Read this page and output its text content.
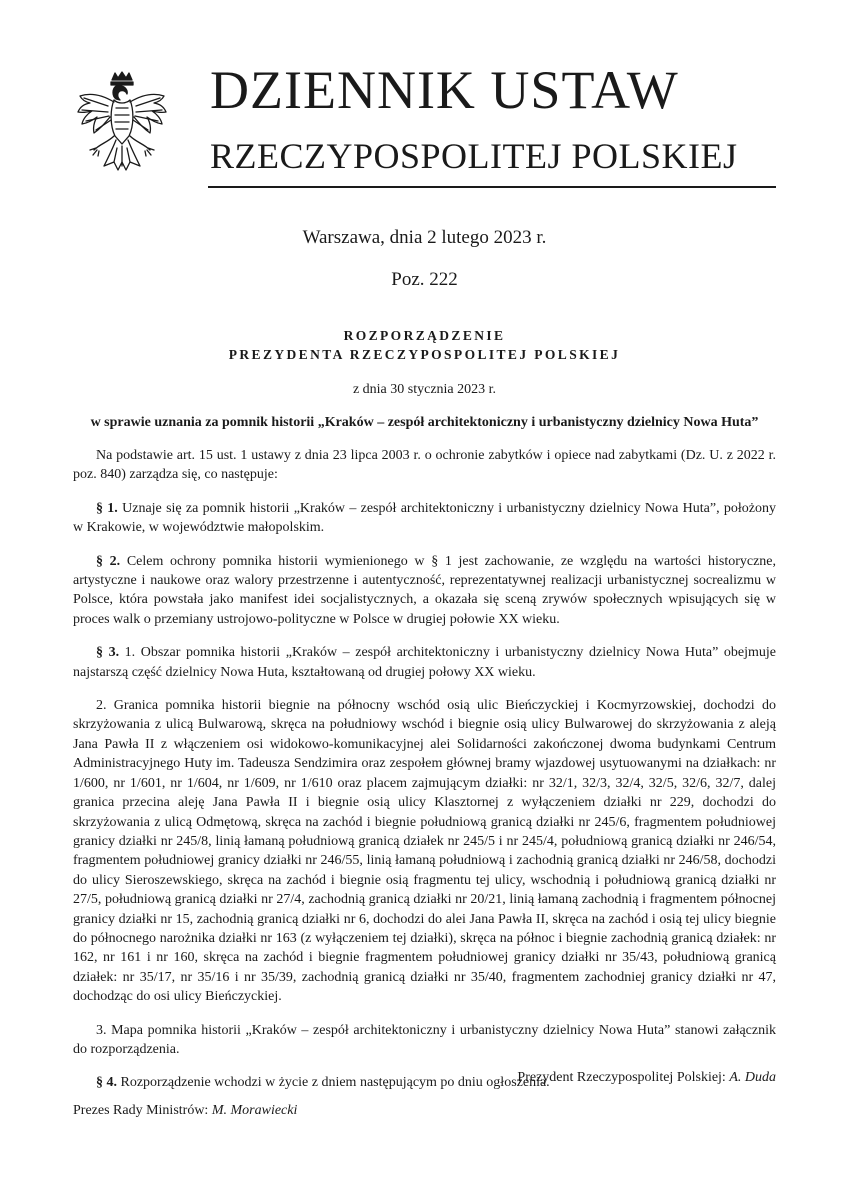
DZIENNIK USTAW
RZECZYPOSPOLITEJ POLSKIEJ
Warszawa, dnia 2 lutego 2023 r.
Poz. 222
ROZPORZĄDZENIE
PREZYDENTA RZECZYPOSPOLITEJ POLSKIEJ
z dnia 30 stycznia 2023 r.
w sprawie uznania za pomnik historii „Kraków – zespół architektoniczny i urbanistyczny dzielnicy Nowa Huta”

Na podstawie art. 15 ust. 1 ustawy z dnia 23 lipca 2003 r. o ochronie zabytków i opiece nad zabytkami (Dz. U. z 2022 r. poz. 840) zarządza się, co następuje:

§ 1. Uznaje się za pomnik historii „Kraków – zespół architektoniczny i urbanistyczny dzielnicy Nowa Huta”, położony w Krakowie, w województwie małopolskim.

§ 2. Celem ochrony pomnika historii wymienionego w § 1 jest zachowanie, ze względu na wartości historyczne, artystyczne i naukowe oraz walory przestrzenne i autentyczność, reprezentatywnej realizacji urbanistycznej socrealizmu w Polsce, która powstała jako manifest idei socjalistycznych, a okazała się sceną zrywów społecznych wpisujących się w proces walk o przemiany ustrojowo-polityczne w Polsce w drugiej połowie XX wieku.

§ 3. 1. Obszar pomnika historii „Kraków – zespół architektoniczny i urbanistyczny dzielnicy Nowa Huta” obejmuje najstarszą część dzielnicy Nowa Huta, kształtowaną od drugiej połowy XX wieku.

2. Granica pomnika historii biegnie na północny wschód osią ulic Bieńczyckiej i Kocmyrzowskiej, dochodzi do skrzyżowania z ulicą Bulwarową, skręca na południowy wschód i biegnie osią ulicy Bulwarowej do skrzyżowania z aleją Jana Pawła II z włączeniem osi widokowo-komunikacyjnej alei Solidarności zakończonej dwoma budynkami Centrum Administracyjnego Huty im. Tadeusza Sendzimira oraz zespołem głównej bramy wjazdowej usytuowanymi na działkach: nr 1/600, nr 1/601, nr 1/604, nr 1/609, nr 1/610 oraz placem zajmującym działki: nr 32/1, 32/3, 32/4, 32/5, 32/6, 32/7, dalej granica przecina aleję Jana Pawła II i biegnie osią ulicy Klasztornej z wyłączeniem działki nr 229, dochodzi do skrzyżowania z ulicą Odmętową, skręca na zachód i biegnie południową granicą działki nr 245/6, fragmentem południowej granicy działki nr 245/8, linią łamaną południową granicą działek nr 245/5 i nr 245/4, południową granicą działki nr 246/54, fragmentem południowej granicy działki nr 246/55, linią łamaną południową i zachodnią granicą działki nr 246/58, dochodzi do ulicy Sieroszewskiego, skręca na zachód i biegnie osią fragmentu tej ulicy, wschodnią i południową granicą działki nr 27/5, południową granicą działki nr 27/4, zachodnią granicą działki nr 20/21, linią łamaną zachodnią i fragmentem północnej granicy działki nr 15, zachodnią granicą działki nr 6, dochodzi do alei Jana Pawła II, skręca na zachód i osią tej ulicy biegnie do północnego narożnika działki nr 163 (z wyłączeniem tej działki), skręca na północ i biegnie zachodnią granicą działek: nr 162, nr 161 i nr 160, skręca na zachód i biegnie fragmentem południowej granicy działki nr 35/43, południową granicą działek: nr 35/17, nr 35/16 i nr 35/39, zachodnią granicą działki nr 35/40, fragmentem zachodniej granicy działki nr 47, dochodząc do osi ulicy Bieńczyckiej.

3. Mapa pomnika historii „Kraków – zespół architektoniczny i urbanistyczny dzielnicy Nowa Huta” stanowi załącznik do rozporządzenia.

§ 4. Rozporządzenie wchodzi w życie z dniem następującym po dniu ogłoszenia.

Prezydent Rzeczypospolitej Polskiej: A. Duda
Prezes Rady Ministrów: M. Morawiecki
